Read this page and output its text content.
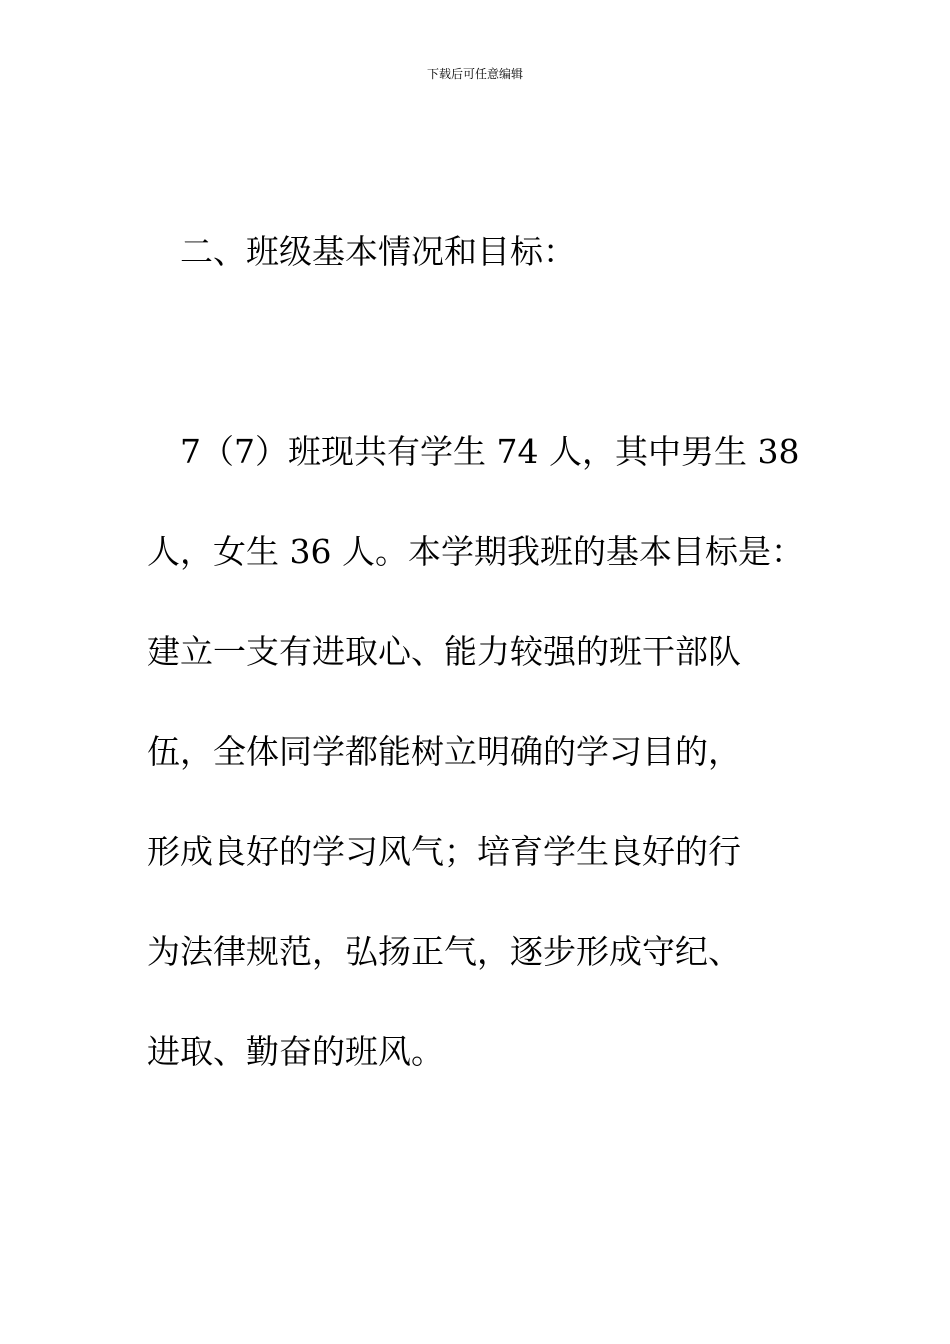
下载后可任意编辑
二、班级基本情况和目标：
7（7）班现共有学生 74 人，其中男生 38
人，女生 36 人。本学期我班的基本目标是：
建立一支有进取心、能力较强的班干部队
伍，全体同学都能树立明确的学习目的，
形成良好的学习风气；培育学生良好的行
为法律规范，弘扬正气，逐步形成守纪、
进取、勤奋的班风。
